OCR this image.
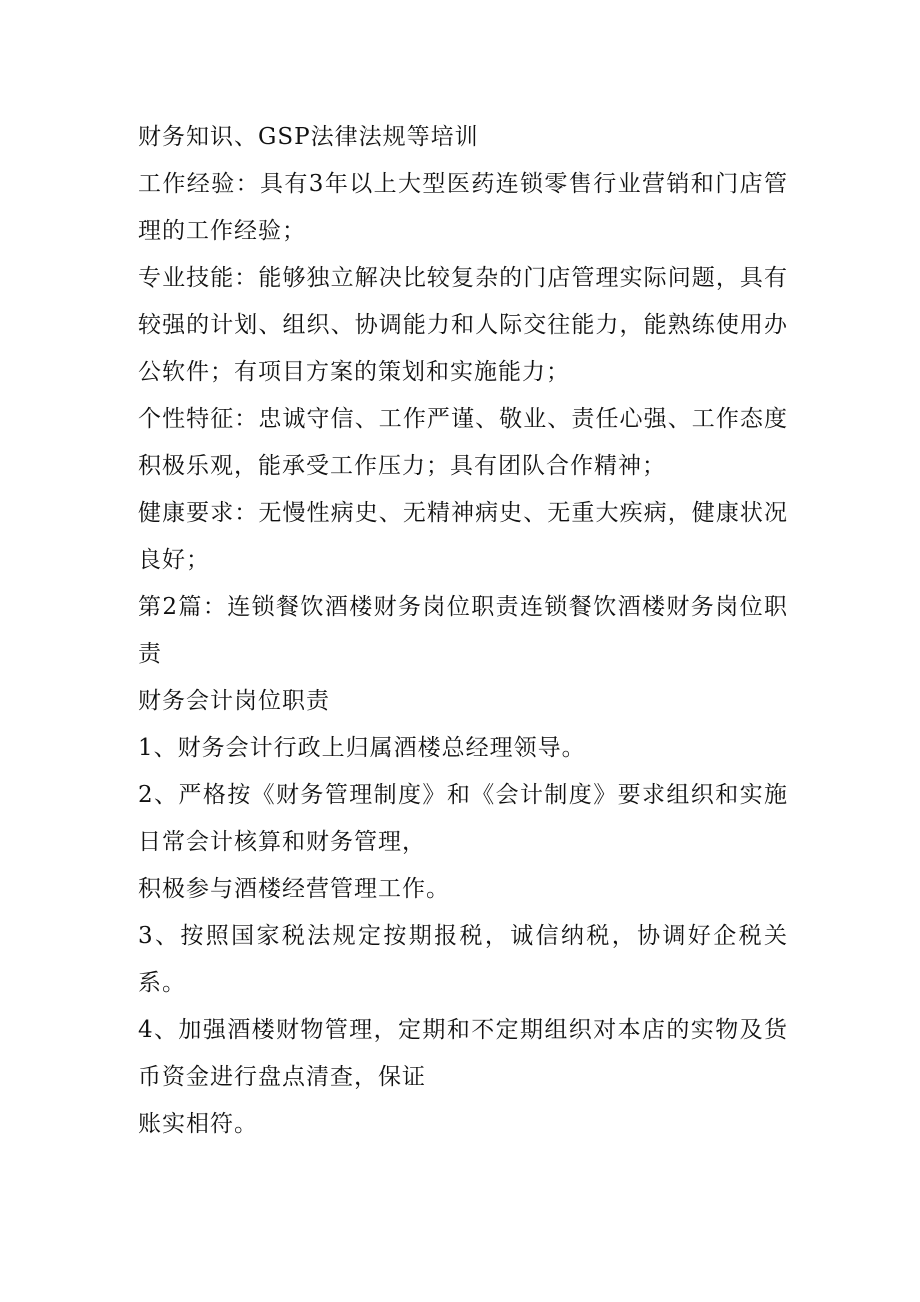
财务知识、GSP法律法规等培训

工作经验：具有3年以上大型医药连锁零售行业营销和门店管理的工作经验；

专业技能：能够独立解决比较复杂的门店管理实际问题，具有较强的计划、组织、协调能力和人际交往能力，能熟练使用办公软件；有项目方案的策划和实施能力；

个性特征：忠诚守信、工作严谨、敬业、责任心强、工作态度积极乐观，能承受工作压力；具有团队合作精神；

健康要求：无慢性病史、无精神病史、无重大疾病，健康状况良好；

第2篇：连锁餐饮酒楼财务岗位职责连锁餐饮酒楼财务岗位职责

财务会计岗位职责

1、财务会计行政上归属酒楼总经理领导。

2、严格按《财务管理制度》和《会计制度》要求组织和实施日常会计核算和财务管理，

积极参与酒楼经营管理工作。

3、按照国家税法规定按期报税，诚信纳税，协调好企税关系。

4、加强酒楼财物管理，定期和不定期组织对本店的实物及货币资金进行盘点清查，保证

账实相符。
